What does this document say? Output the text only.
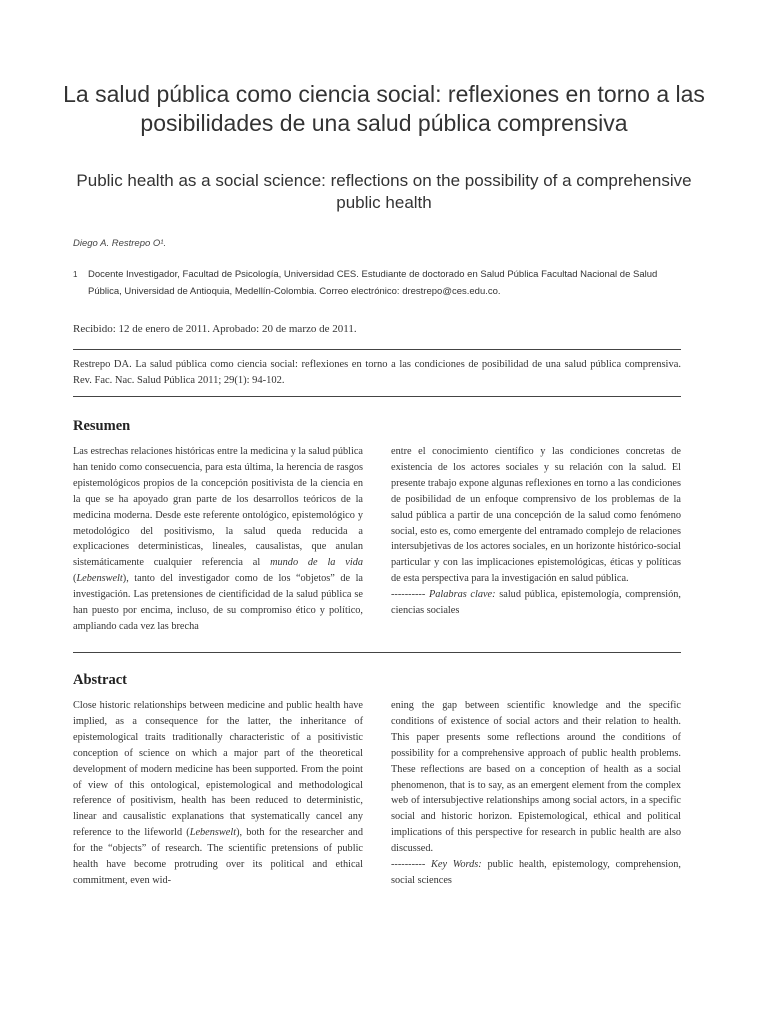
La salud pública como ciencia social: reflexiones en torno a las posibilidades de una salud pública comprensiva
Public health as a social science: reflections on the possibility of a comprehensive public health
Diego A. Restrepo O¹.
1 Docente Investigador, Facultad de Psicología, Universidad CES. Estudiante de doctorado en Salud Pública Facultad Nacional de Salud Pública, Universidad de Antioquia, Medellín-Colombia. Correo electrónico: drestrepo@ces.edu.co.
Recibido: 12 de enero de 2011. Aprobado: 20 de marzo de 2011.
Restrepo DA. La salud pública como ciencia social: reflexiones en torno a las condiciones de posibilidad de una salud pública comprensiva. Rev. Fac. Nac. Salud Pública 2011; 29(1): 94-102.
Resumen
Las estrechas relaciones históricas entre la medicina y la salud pública han tenido como consecuencia, para esta última, la herencia de rasgos epistemológicos propios de la concepción positivista de la ciencia en la que se ha apoyado gran parte de los desarrollos teóricos de la medicina moderna. Desde este referente ontológico, epistemológico y metodológico del positivismo, la salud queda reducida a explicaciones deterministicas, lineales, causalistas, que anulan sistemáticamente cualquier referencia al mundo de la vida (Lebenswelt), tanto del investigador como de los “objetos” de la investigación. Las pretensiones de cientificidad de la salud pública se han puesto por encima, incluso, de su compromiso ético y político, ampliando cada vez las brecha
entre el conocimiento científico y las condiciones concretas de existencia de los actores sociales y su relación con la salud. El presente trabajo expone algunas reflexiones en torno a las condiciones de posibilidad de un enfoque comprensivo de los problemas de la salud pública a partir de una concepción de la salud como fenómeno social, esto es, como emergente del entramado complejo de relaciones intersubjetivas de los actores sociales, en un horizonte histórico-social particular y con las implicaciones epistemológicas, éticas y políticas de esta perspectiva para la investigación en salud pública.
---------- Palabras clave: salud pública, epistemología, comprensión, ciencias sociales
Abstract
Close historic relationships between medicine and public health have implied, as a consequence for the latter, the inheritance of epistemological traits traditionally characteristic of a positivistic conception of science on which a major part of the theoretical development of modern medicine has been supported. From the point of view of this ontological, epistemological and methodological reference of positivism, health has been reduced to deterministic, linear and causalistic explanations that systematically cancel any reference to the lifeworld (Lebenswelt), both for the researcher and for the “objects” of research. The scientific pretensions of public health have become protruding over its political and ethical commitment, even wid-
ening the gap between scientific knowledge and the specific conditions of existence of social actors and their relation to health. This paper presents some reflections around the conditions of possibility for a comprehensive approach of public health problems. These reflections are based on a conception of health as a social phenomenon, that is to say, as an emergent element from the complex web of intersubjective relationships among social actors, in a specific social and historic horizon. Epistemological, ethical and political implications of this perspective for research in public health are also discussed.
---------- Key Words: public health, epistemology, comprehension, social sciences
